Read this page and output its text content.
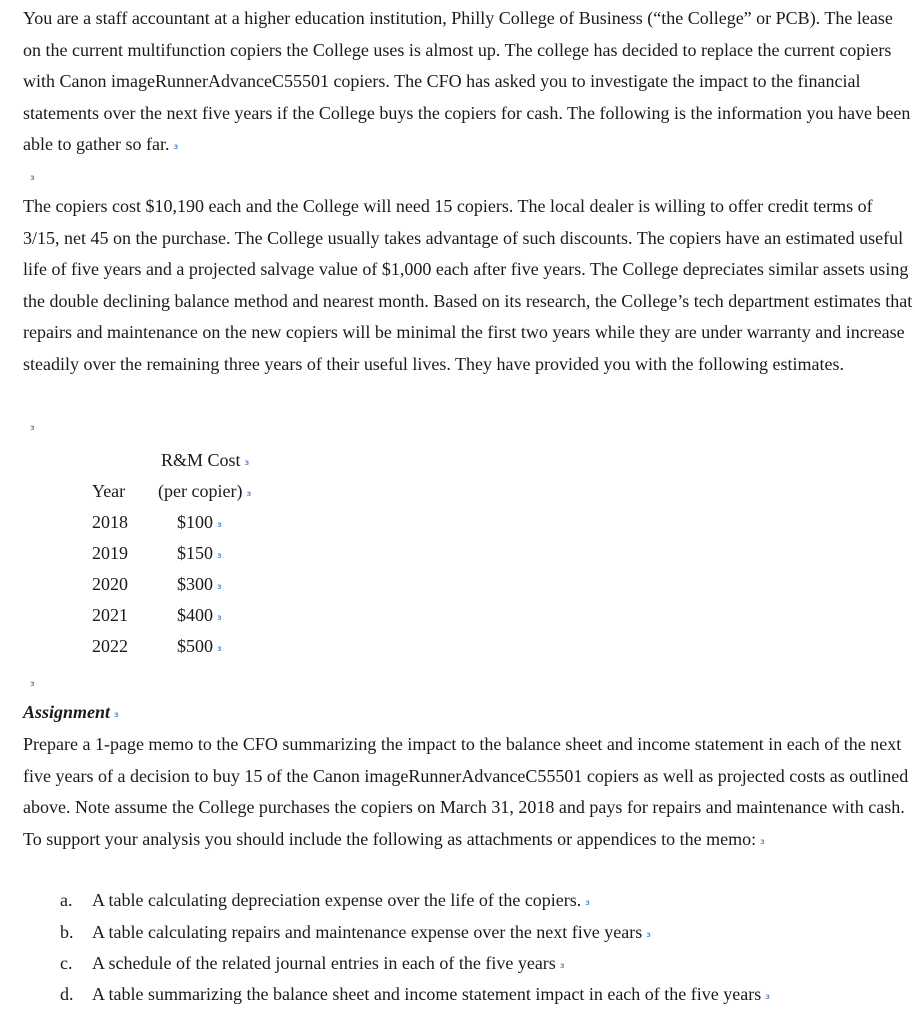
You are a staff accountant at a higher education institution, Philly College of Business (“the College” or PCB). The lease on the current multifunction copiers the College uses is almost up. The college has decided to replace the current copiers with Canon imageRunnerAdvanceC55501 copiers. The CFO has asked you to investigate the impact to the financial statements over the next five years if the College buys the copiers for cash. The following is the information you have been able to gather so far. ₃

₃

The copiers cost $10,190 each and the College will need 15 copiers. The local dealer is willing to offer credit terms of 3/15, net 45 on the purchase. The College usually takes advantage of such discounts. The copiers have an estimated useful life of five years and a projected salvage value of $1,000 each after five years. The College depreciates similar assets using the double declining balance method and nearest month. Based on its research, the College’s tech department estimates that repairs and maintenance on the new copiers will be minimal the first two years while they are under warranty and increase steadily over the remaining three years of their useful lives. They have provided you with the following estimates.

₃
R&M Cost ₃
Year (per copier) ₃
2018	$100 ₃
2019	$150 ₃
2020	$300 ₃
2021	$400 ₃
2022	$500 ₃
₃
Assignment ₃

Prepare a 1-page memo to the CFO summarizing the impact to the balance sheet and income statement in each of the next five years of a decision to buy 15 of the Canon imageRunnerAdvanceC55501 copiers as well as projected costs as outlined above. Note assume the College purchases the copiers on March 31, 2018 and pays for repairs and maintenance with cash. To support your analysis you should include the following as attachments or appendices to the memo: ₃

a. A table calculating depreciation expense over the life of the copiers. ₃
b. A table calculating repairs and maintenance expense over the next five years ₃
c. A schedule of the related journal entries in each of the five years ₃
d. A table summarizing the balance sheet and income statement impact in each of the five years ₃
